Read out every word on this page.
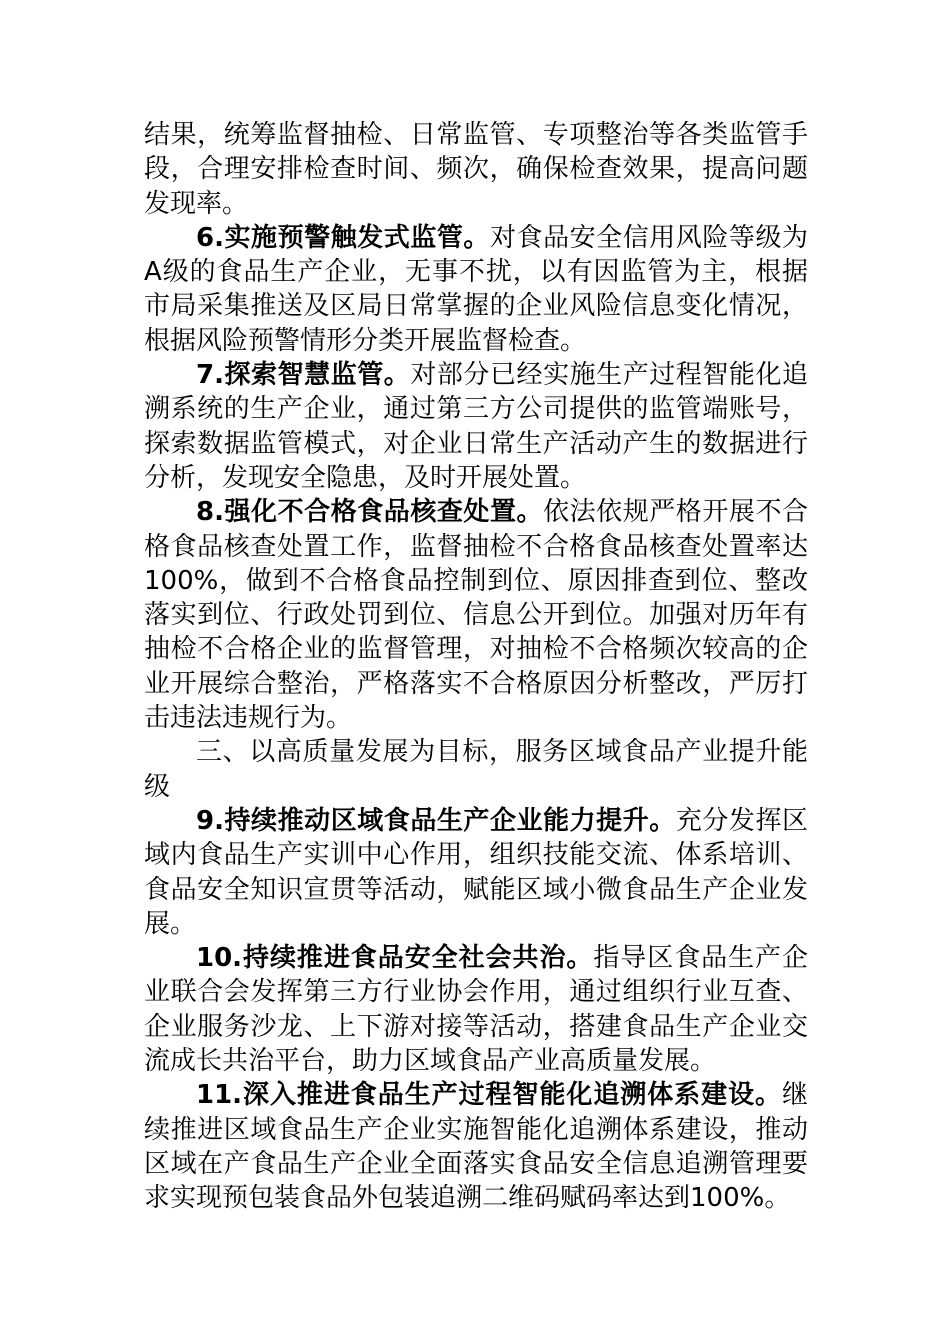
结果，统筹监督抽检、日常监管、专项整治等各类监管手段，合理安排检查时间、频次，确保检查效果，提高问题发现率。

6.实施预警触发式监管。对食品安全信用风险等级为A级的食品生产企业，无事不扰，以有因监管为主，根据市局采集推送及区局日常掌握的企业风险信息变化情况，根据风险预警情形分类开展监督检查。

7.探索智慧监管。对部分已经实施生产过程智能化追溯系统的生产企业，通过第三方公司提供的监管端账号，探索数据监管模式，对企业日常生产活动产生的数据进行分析，发现安全隐患，及时开展处置。

8.强化不合格食品核查处置。依法依规严格开展不合格食品核查处置工作，监督抽检不合格食品核查处置率达100%，做到不合格食品控制到位、原因排查到位、整改落实到位、行政处罚到位、信息公开到位。加强对历年有抽检不合格企业的监督管理，对抽检不合格频次较高的企业开展综合整治，严格落实不合格原因分析整改，严厉打击违法违规行为。

三、以高质量发展为目标，服务区域食品产业提升能级

9.持续推动区域食品生产企业能力提升。充分发挥区域内食品生产实训中心作用，组织技能交流、体系培训、食品安全知识宣贯等活动，赋能区域小微食品生产企业发展。

10.持续推进食品安全社会共治。指导区食品生产企业联合会发挥第三方行业协会作用，通过组织行业互查、企业服务沙龙、上下游对接等活动，搭建食品生产企业交流成长共治平台，助力区域食品产业高质量发展。

11.深入推进食品生产过程智能化追溯体系建设。继续推进区域食品生产企业实施智能化追溯体系建设，推动区域在产食品生产企业全面落实食品安全信息追溯管理要求实现预包装食品外包装追溯二维码赋码率达到100%。
